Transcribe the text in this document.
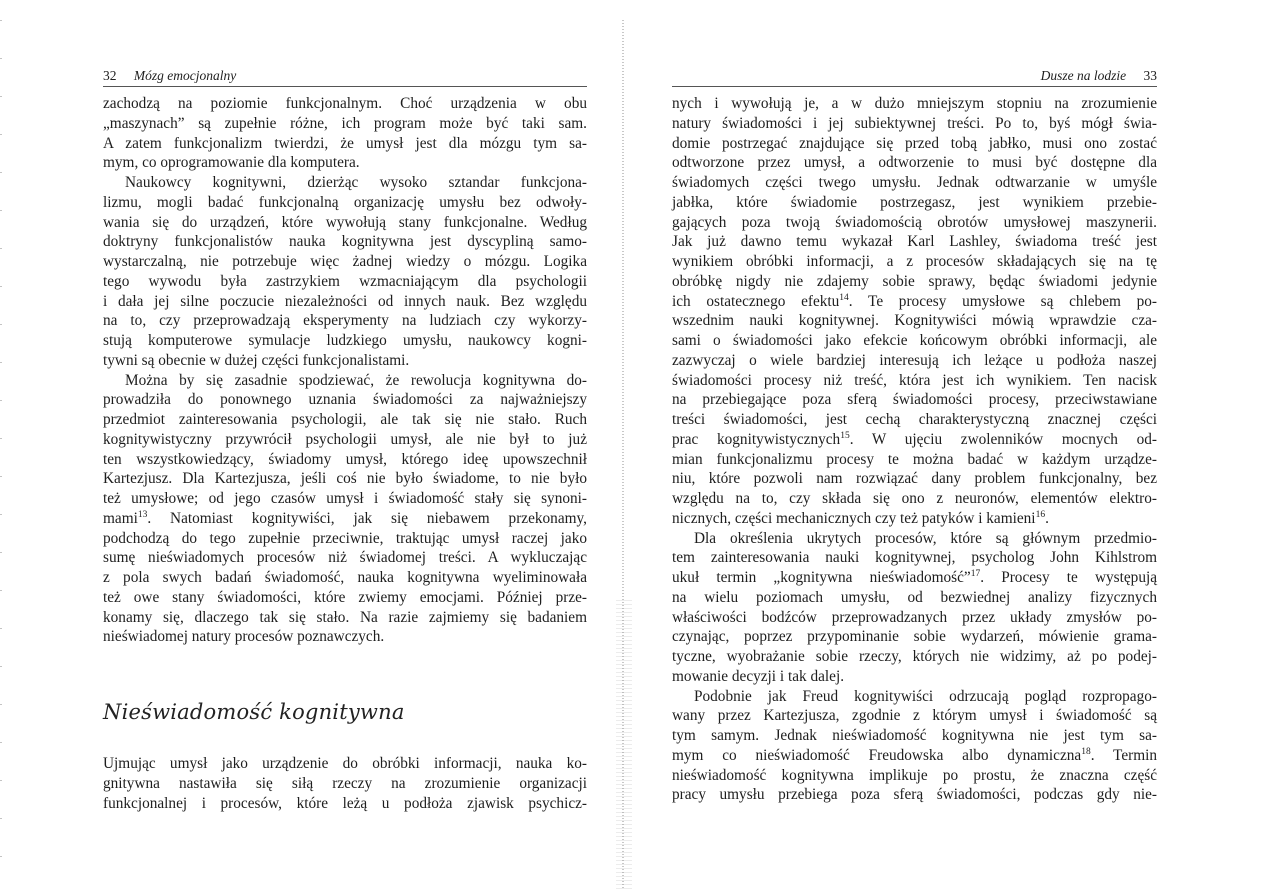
32 Mózg emocjonalny
zachodzą na poziomie funkcjonalnym. Choć urządzenia w obu
„maszynach” są zupełnie różne, ich program może być taki sam.
A zatem funkcjonalizm twierdzi, że umysł jest dla mózgu tym sa-
mym, co oprogramowanie dla komputera.
Naukowcy kognitywni, dzierżąc wysoko sztandar funkcjona-
lizmu, mogli badać funkcjonalną organizację umysłu bez odwoły-
wania się do urządzeń, które wywołują stany funkcjonalne. Według
doktryny funkcjonalistów nauka kognitywna jest dyscypliną samo-
wystarczalną, nie potrzebuje więc żadnej wiedzy o mózgu. Logika
tego wywodu była zastrzykiem wzmacniającym dla psychologii
i dała jej silne poczucie niezależności od innych nauk. Bez względu
na to, czy przeprowadzają eksperymenty na ludziach czy wykorzy-
stują komputerowe symulacje ludzkiego umysłu, naukowcy kogni-
tywni są obecnie w dużej części funkcjonalistami.
Można by się zasadnie spodziewać, że rewolucja kognitywna do-
prowadziła do ponownego uznania świadomości za najważniejszy
przedmiot zainteresowania psychologii, ale tak się nie stało. Ruch
kognitywistyczny przywrócił psychologii umysł, ale nie był to już
ten wszystkowiedzący, świadomy umysł, którego ideę upowszechnił
Kartezjusz. Dla Kartezjusza, jeśli coś nie było świadome, to nie było
też umysłowe; od jego czasów umysł i świadomość stały się synoni-
mami$^{13}$. Natomiast kognitywiści, jak się niebawem przekonamy,
podchodzą do tego zupełnie przeciwnie, traktując umysł raczej jako
sumę nieświadomych procesów niż świadomej treści. A wykluczając
z pola swych badań świadomość, nauka kognitywna wyeliminowała
też owe stany świadomości, które zwiemy emocjami. Później prze-
konamy się, dlaczego tak się stało. Na razie zajmiemy się badaniem
nieświadomej natury procesów poznawczych.
Nieświadomość kognitywna
Ujmując umysł jako urządzenie do obróbki informacji, nauka ko-
gnitywna nastawiła się siłą rzeczy na zrozumienie organizacji
funkcjonalnej i procesów, które leżą u podłoża zjawisk psychicz-
Dusze na lodzie 33
nych i wywołują je, a w dużo mniejszym stopniu na zrozumienie
natury świadomości i jej subiektywnej treści. Po to, byś mógł świa-
domie postrzegać znajdujące się przed tobą jabłko, musi ono zostać
odtworzone przez umysł, a odtworzenie to musi być dostępne dla
świadomych części twego umysłu. Jednak odtwarzanie w umyśle
jabłka, które świadomie postrzegasz, jest wynikiem przebie-
gających poza twoją świadomością obrotów umysłowej maszynerii.
Jak już dawno temu wykazał Karl Lashley, świadoma treść jest
wynikiem obróbki informacji, a z procesów składających się na tę
obróbkę nigdy nie zdajemy sobie sprawy, będąc świadomi jedynie
ich ostatecznego efektu$^{14}$. Te procesy umysłowe są chlebem po-
wszednim nauki kognitywnej. Kognitywiści mówią wprawdzie cza-
sami o świadomości jako efekcie końcowym obróbki informacji, ale
zazwyczaj o wiele bardziej interesują ich leżące u podłoża naszej
świadomości procesy niż treść, która jest ich wynikiem. Ten nacisk
na przebiegające poza sferą świadomości procesy, przeciwstawiane
treści świadomości, jest cechą charakterystyczną znacznej części
prac kognitywistycznych$^{15}$. W ujęciu zwolenników mocnych od-
mian funkcjonalizmu procesy te można badać w każdym urządze-
niu, które pozwoli nam rozwiązać dany problem funkcjonalny, bez
względu na to, czy składa się ono z neuronów, elementów elektro-
nicznych, części mechanicznych czy też patyków i kamieni$^{16}$.
Dla określenia ukrytych procesów, które są głównym przedmio-
tem zainteresowania nauki kognitywnej, psycholog John Kihlstrom
ukuł termin „kognitywna nieświadomość”$^{17}$. Procesy te występują
na wielu poziomach umysłu, od bezwiednej analizy fizycznych
właściwości bodźców przeprowadzanych przez układy zmysłów po-
czynając, poprzez przypominanie sobie wydarzeń, mówienie grama-
tyczne, wyobrażanie sobie rzeczy, których nie widzimy, aż po podej-
mowanie decyzji i tak dalej.
Podobnie jak Freud kognitywiści odrzucają pogląd rozpropago-
wany przez Kartezjusza, zgodnie z którym umysł i świadomość są
tym samym. Jednak nieświadomość kognitywna nie jest tym sa-
mym co nieświadomość Freudowska albo dynamiczna$^{18}$. Termin
nieświadomość kognitywna implikuje po prostu, że znaczna część
pracy umysłu przebiega poza sferą świadomości, podczas gdy nie-
